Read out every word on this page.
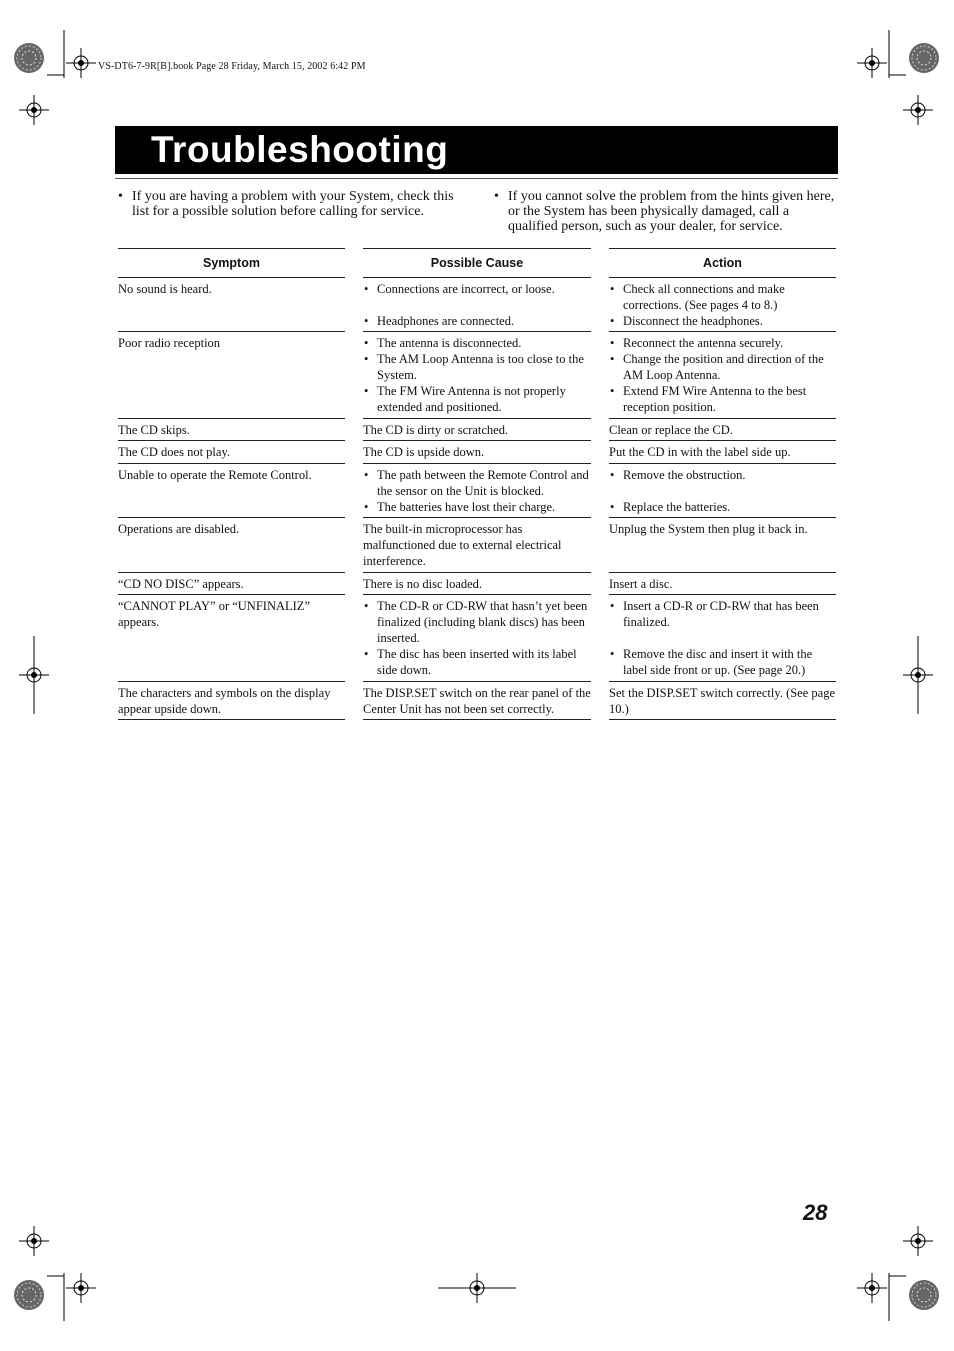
VS-DT6-7-9R[B].book Page 28 Friday, March 15, 2002 6:42 PM
Troubleshooting
• If you are having a problem with your System, check this list for a possible solution before calling for service.
• If you cannot solve the problem from the hints given here, or the System has been physically damaged, call a qualified person, such as your dealer, for service.
Symptom
No sound is heard.
Poor radio reception
The CD skips.
The CD does not play.
Unable to operate the Remote Control.
Operations are disabled.
“CD NO DISC” appears.
“CANNOT PLAY” or “UNFINALIZ” appears.
The characters and symbols on the display appear upside down.
Possible Cause
• Connections are incorrect, or loose.
• Headphones are connected.
• The antenna is disconnected.
• The AM Loop Antenna is too close to the System.
• The FM Wire Antenna is not properly extended and positioned.
The CD is dirty or scratched.
The CD is upside down.
• The path between the Remote Control and the sensor on the Unit is blocked.
• The batteries have lost their charge.
The built-in microprocessor has malfunctioned due to external electrical interference.
There is no disc loaded.
• The CD-R or CD-RW that hasn’t yet been finalized (including blank discs) has been inserted.
• The disc has been inserted with its label side down.
The DISP.SET switch on the rear panel of the Center Unit has not been set correctly.
Action
• Check all connections and make corrections. (See pages 4 to 8.)
• Disconnect the headphones.
• Reconnect the antenna securely.
• Change the position and direction of the AM Loop Antenna.
• Extend FM Wire Antenna to the best reception position.
Clean or replace the CD.
Put the CD in with the label side up.
• Remove the obstruction.
• Replace the batteries.
Unplug the System then plug it back in.
Insert a disc.
• Insert a CD-R or CD-RW that has been finalized.
• Remove the disc and insert it with the label side front or up. (See page 20.)
Set the DISP.SET switch correctly. (See page 10.)
28
